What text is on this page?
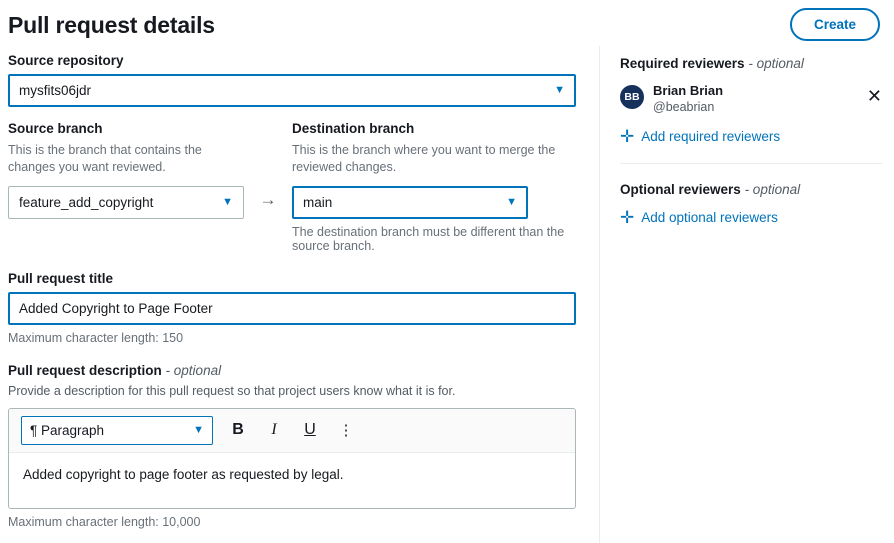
Pull request details
Source repository
mysfits06jdr	▼
Source branch
This is the branch that contains the changes you want reviewed.
feature_add_copyright	▼	→
Destination branch
This is the branch where you want to merge the reviewed changes.
main	▼
The destination branch must be different than the source branch.
Pull request title
Added Copyright to Page Footer
Maximum character length: 150
Pull request description - optional
Provide a description for this pull request so that project users know what it is for.
¶ Paragraph	▼	B	I	U	⋮
Added copyright to page footer as requested by legal.
Maximum character length: 10,000
Create
Required reviewers - optional
BB	Brian Brian
@beabrian
✕
✛ Add required reviewers
Optional reviewers - optional
✛ Add optional reviewers
